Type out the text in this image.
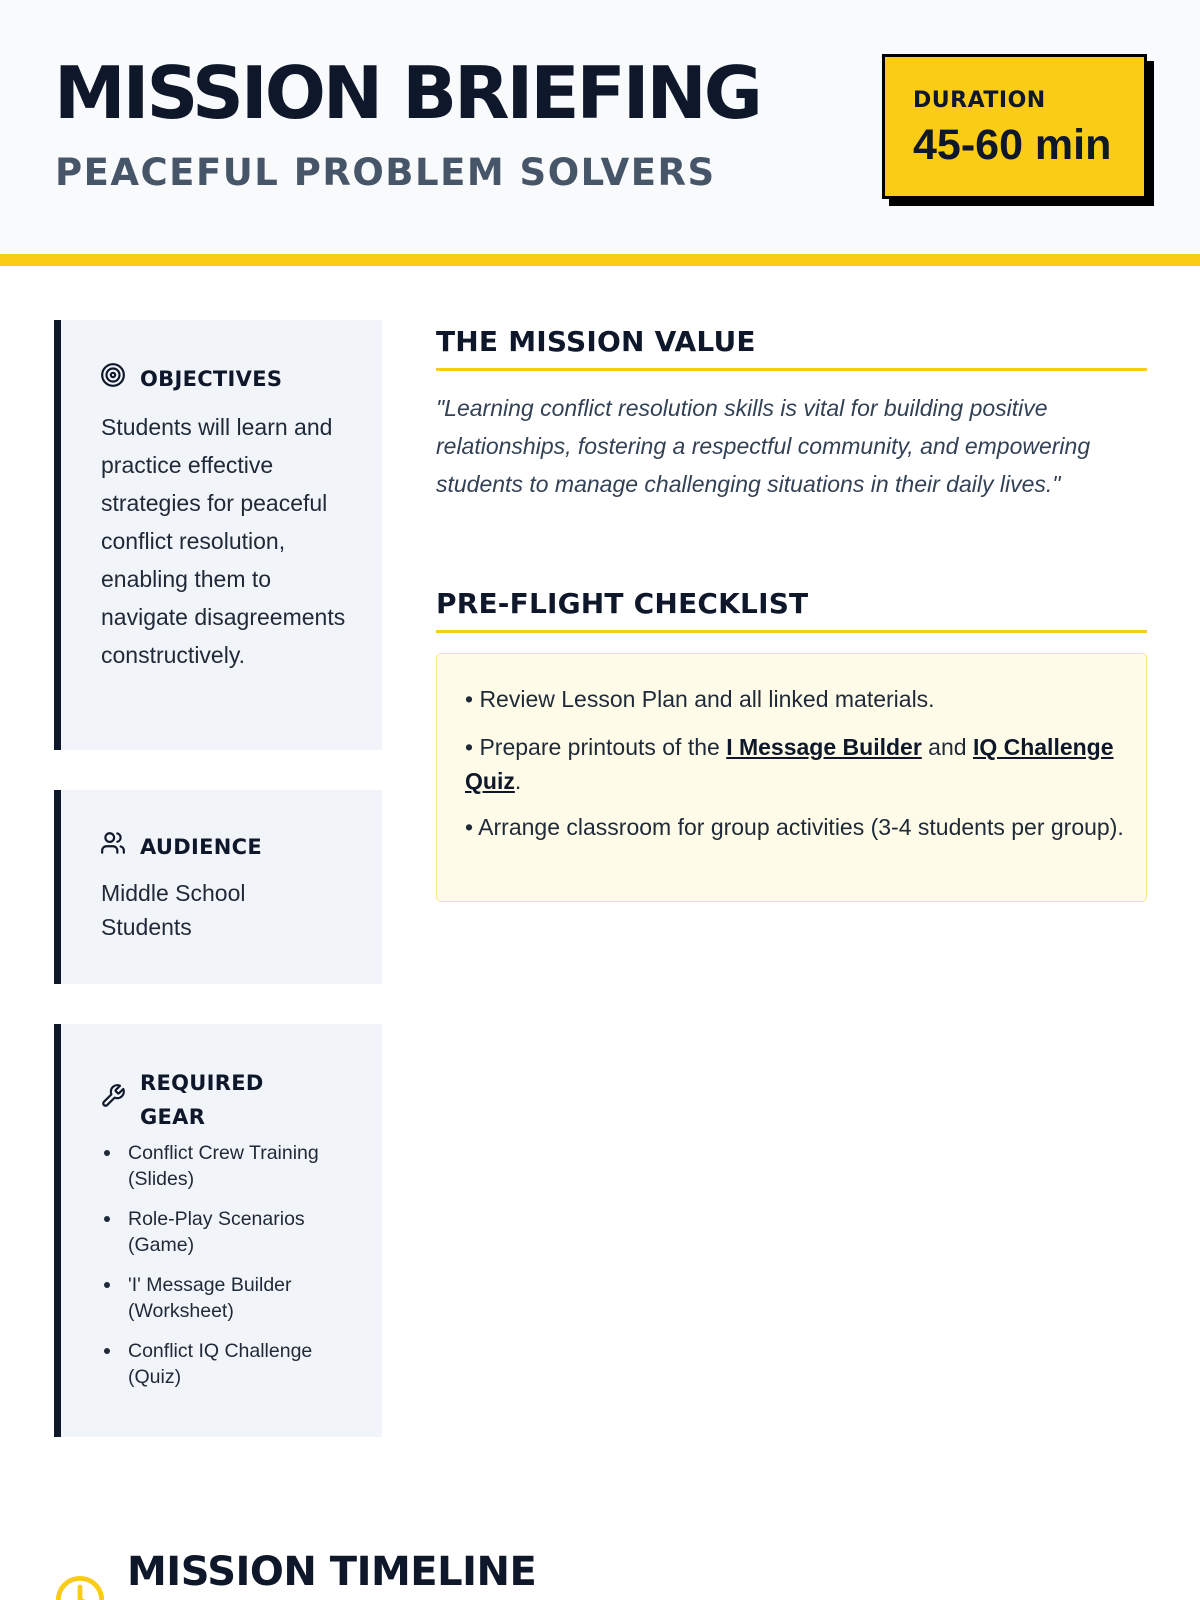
MISSION BRIEFING
PEACEFUL PROBLEM SOLVERS
DURATION
45-60 min
OBJECTIVES
Students will learn and practice effective strategies for peaceful conflict resolution, enabling them to navigate disagreements constructively.
AUDIENCE
Middle School Students
REQUIRED GEAR
Conflict Crew Training (Slides)
Role-Play Scenarios (Game)
'I' Message Builder (Worksheet)
Conflict IQ Challenge (Quiz)
THE MISSION VALUE

"Learning conflict resolution skills is vital for building positive relationships, fostering a respectful community, and empowering students to manage challenging situations in their daily lives."

PRE-FLIGHT CHECKLIST
• Review Lesson Plan and all linked materials.
• Prepare printouts of the I Message Builder and IQ Challenge Quiz.
• Arrange classroom for group activities (3-4 students per group).
MISSION TIMELINE
